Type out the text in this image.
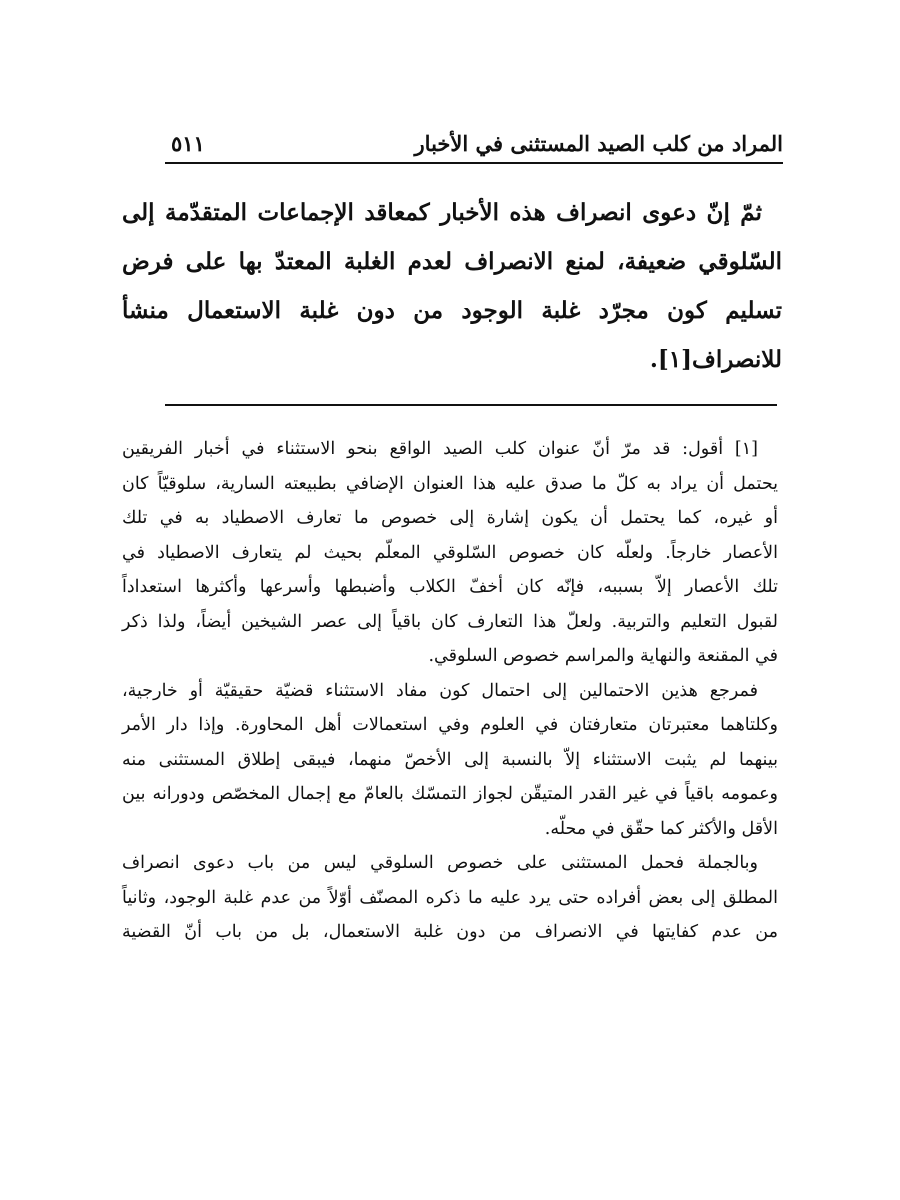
المراد من كلب الصيد المستثنى في الأخبار
٥١١
ثمّ إنّ دعوى انصراف هذه الأخبار كمعاقد الإجماعات المتقدّمة إلى
السّلوقي ضعيفة، لمنع الانصراف لعدم الغلبة المعتدّ بها على فرض
تسليم كون مجرّد غلبة الوجود من دون غلبة الاستعمال منشأ
للانصراف[١].
[١] أقول: قد مرّ أنّ عنوان كلب الصيد الواقع بنحو الاستثناء في أخبار الفريقين
يحتمل أن يراد به كلّ ما صدق عليه هذا العنوان الإضافي بطبيعته السارية، سلوقيّاً كان
أو غيره، كما يحتمل أن يكون إشارة إلى خصوص ما تعارف الاصطياد به في تلك
الأعصار خارجاً. ولعلّه كان خصوص السّلوقي المعلّم بحيث لم يتعارف الاصطياد في
تلك الأعصار إلاّ بسببه، فإنّه كان أخفّ الكلاب وأضبطها وأسرعها وأكثرها استعداداً
لقبول التعليم والتربية. ولعلّ هذا التعارف كان باقياً إلى عصر الشيخين أيضاً، ولذا ذكر
في المقنعة والنهاية والمراسم خصوص السلوقي.
فمرجع هذين الاحتمالين إلى احتمال كون مفاد الاستثناء قضيّة حقيقيّة أو خارجية،
وكلتاهما معتبرتان متعارفتان في العلوم وفي استعمالات أهل المحاورة. وإذا دار الأمر
بينهما لم يثبت الاستثناء إلاّ بالنسبة إلى الأخصّ منهما، فيبقى إطلاق المستثنى منه
وعمومه باقياً في غير القدر المتيقّن لجواز التمسّك بالعامّ مع إجمال المخصّص ودورانه بين
الأقل والأكثر كما حقّق في محلّه.
وبالجملة فحمل المستثنى على خصوص السلوقي ليس من باب دعوى انصراف
المطلق إلى بعض أفراده حتى يرد عليه ما ذكره المصنّف أوّلاً من عدم غلبة الوجود، وثانياً
من عدم كفايتها في الانصراف من دون غلبة الاستعمال، بل من باب أنّ القضية
